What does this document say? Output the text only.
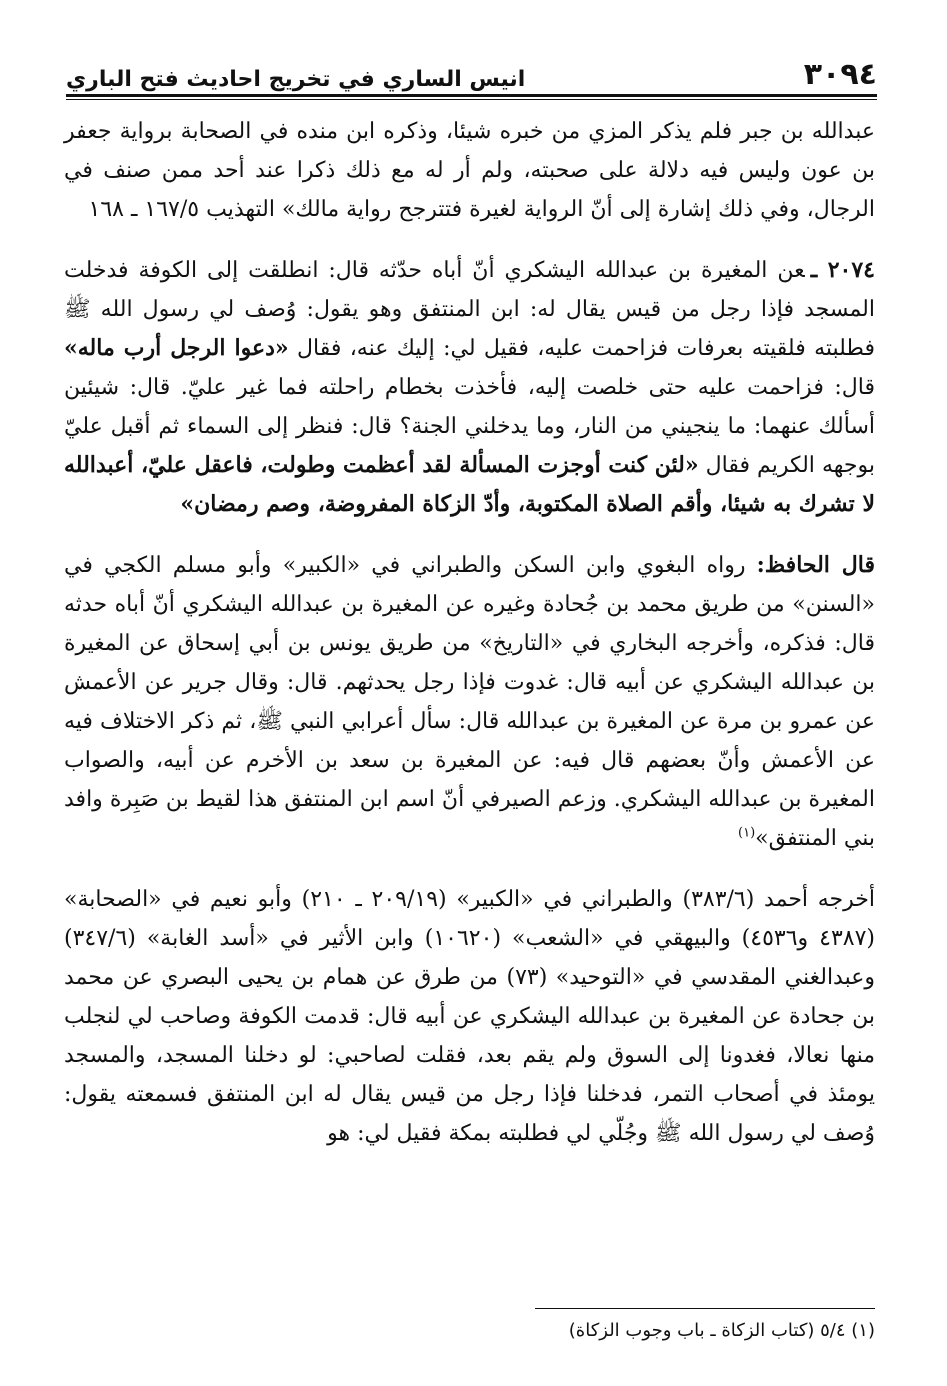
٣٠٩٤
انيس الساري في تخريج احاديث فتح الباري

عبدالله بن جبر فلم يذكر المزي من خبره شيئا، وذكره ابن منده في الصحابة برواية جعفر بن عون وليس فيه دلالة على صحبته، ولم أر له مع ذلك ذكرا عند أحد ممن صنف في الرجال، وفي ذلك إشارة إلى أنّ الرواية لغيرة فتترجح رواية مالك» التهذيب ١٦٧/٥ ـ ١٦٨

٢٠٧٤ ـعن المغيرة بن عبدالله اليشكري أنّ أباه حدّثه قال: انطلقت إلى الكوفة فدخلت المسجد فإذا رجل من قيس يقال له: ابن المنتفق وهو يقول: وُصف لي رسول الله ﷺ فطلبته فلقيته بعرفات فزاحمت عليه، فقيل لي: إليك عنه، فقال «دعوا الرجل أرب ماله» قال: فزاحمت عليه حتى خلصت إليه، فأخذت بخطام راحلته فما غير عليّ. قال: شيئين أسألك عنهما: ما ينجيني من النار، وما يدخلني الجنة؟ قال: فنظر إلى السماء ثم أقبل عليّ بوجهه الكريم فقال «لئن كنت أوجزت المسألة لقد أعظمت وطولت، فاعقل عليّ، أعبدالله لا تشرك به شيئا، وأقم الصلاة المكتوبة، وأدّ الزكاة المفروضة، وصم رمضان»

قال الحافظ: رواه البغوي وابن السكن والطبراني في «الكبير» وأبو مسلم الكجي في «السنن» من طريق محمد بن جُحادة وغيره عن المغيرة بن عبدالله اليشكري أنّ أباه حدثه قال: فذكره، وأخرجه البخاري في «التاريخ» من طريق يونس بن أبي إسحاق عن المغيرة بن عبدالله اليشكري عن أبيه قال: غدوت فإذا رجل يحدثهم. قال: وقال جرير عن الأعمش عن عمرو بن مرة عن المغيرة بن عبدالله قال: سأل أعرابي النبي ﷺ، ثم ذكر الاختلاف فيه عن الأعمش وأنّ بعضهم قال فيه: عن المغيرة بن سعد بن الأخرم عن أبيه، والصواب المغيرة بن عبدالله اليشكري. وزعم الصيرفي أنّ اسم ابن المنتفق هذا لقيط بن صَبِرة وافد بني المنتفق»$^{(١)}$

أخرجه أحمد (٣٨٣/٦) والطبراني في «الكبير» (٢٠٩/١٩ ـ ٢١٠) وأبو نعيم في «الصحابة» (٤٣٨٧ و٤٥٣٦) والبيهقي في «الشعب» (١٠٦٢٠) وابن الأثير في «أسد الغابة» (٣٤٧/٦) وعبدالغني المقدسي في «التوحيد» (٧٣) من طرق عن همام بن يحيى البصري عن محمد بن جحادة عن المغيرة بن عبدالله اليشكري عن أبيه قال: قدمت الكوفة وصاحب لي لنجلب منها نعالا، فغدونا إلى السوق ولم يقم بعد، فقلت لصاحبي: لو دخلنا المسجد، والمسجد يومئذ في أصحاب التمر، فدخلنا فإذا رجل من قيس يقال له ابن المنتفق فسمعته يقول: وُصف لي رسول الله ﷺ وجُلّي لي فطلبته بمكة فقيل لي: هو

(١) ٥/٤ (كتاب الزكاة ـ باب وجوب الزكاة)
